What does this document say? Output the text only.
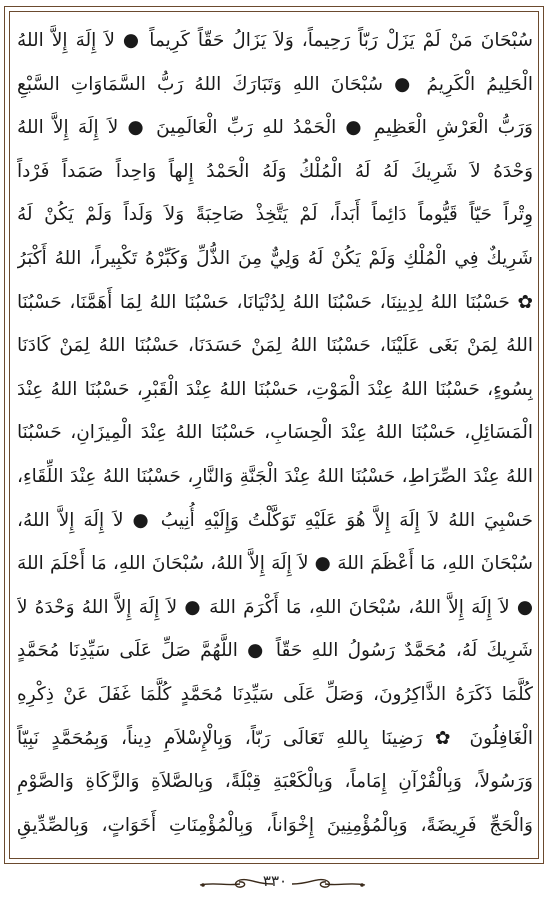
سُبْحَانَ مَنْ لَمْ يَزَلْ رَبّاً رَحِيماً، وَلاَ يَزَالُ حَقّاً كَرِيماً ● لاَ إِلَهَ إِلاَّ اللهُ
الْحَلِيمُ الْكَرِيمُ ● سُبْحَانَ اللهِ وَتَبَارَكَ اللهُ رَبُّ السَّمَاوَاتِ السَّبْعِ
وَرَبُّ الْعَرْشِ الْعَظِيمِ ● الْحَمْدُ للهِ رَبِّ الْعَالَمِينَ ● لاَ إِلَهَ إِلاَّ اللهُ
وَحْدَهُ لاَ شَرِيكَ لَهُ لَهُ الْمُلْكُ وَلَهُ الْحَمْدُ إِلهاً وَاحِداً صَمَداً فَرْداً
وِتْراً حَيّاً قَيُّوماً دَائِماً أَبَداً، لَمْ يَتَّخِذْ صَاحِبَةً وَلاَ وَلَداً وَلَمْ يَكُنْ لَهُ
شَرِيكٌ فِي الْمُلْكِ وَلَمْ يَكُنْ لَهُ وَلِيٌّ مِنَ الذُّلِّ وَكَبِّرْهُ تَكْبِيراً، اللهُ أَكْبَرُ
✿ حَسْبُنَا اللهُ لِدِينِنَا، حَسْبُنَا اللهُ لِدُنْيَانَا، حَسْبُنَا اللهُ لِمَا أَهَمَّنَا، حَسْبُنَا
اللهُ لِمَنْ بَغَى عَلَيْنَا، حَسْبُنَا اللهُ لِمَنْ حَسَدَنَا، حَسْبُنَا اللهُ لِمَنْ كَادَنَا
بِسُوءٍ، حَسْبُنَا اللهُ عِنْدَ الْمَوْتِ، حَسْبُنَا اللهُ عِنْدَ الْقَبْرِ، حَسْبُنَا اللهُ عِنْدَ
الْمَسَائِلِ، حَسْبُنَا اللهُ عِنْدَ الْحِسَابِ، حَسْبُنَا اللهُ عِنْدَ الْمِيزَانِ، حَسْبُنَا
اللهُ عِنْدَ الصِّرَاطِ، حَسْبُنَا اللهُ عِنْدَ الْجَنَّةِ وَالنَّارِ، حَسْبُنَا اللهُ عِنْدَ اللِّقَاءِ،
حَسْبِيَ اللهُ لاَ إِلَهَ إِلاَّ هُوَ عَلَيْهِ تَوَكَّلْتُ وَإِلَيْهِ أُنِيبُ ● لاَ إِلَهَ إِلاَّ اللهُ،
سُبْحَانَ اللهِ، مَا أَعْظَمَ اللهَ ● لاَ إِلَهَ إِلاَّ اللهُ، سُبْحَانَ اللهِ، مَا أَحْلَمَ اللهَ
● لاَ إِلَهَ إِلاَّ اللهُ، سُبْحَانَ اللهِ، مَا أَكْرَمَ اللهَ ● لاَ إِلَهَ إِلاَّ اللهُ وَحْدَهُ لاَ
شَرِيكَ لَهُ، مُحَمَّدٌ رَسُولُ اللهِ حَقّاً ● اللَّهُمَّ صَلِّ عَلَى سَيِّدِنَا مُحَمَّدٍ
كُلَّمَا ذَكَرَهُ الذَّاكِرُونَ، وَصَلِّ عَلَى سَيِّدِنَا مُحَمَّدٍ كُلَّمَا غَفَلَ عَنْ ذِكْرِهِ
الْغَافِلُونَ ✿ رَضِينَا بِاللهِ تَعَالَى رَبّاً، وَبِالْإِسْلاَمِ دِيناً، وَبِمُحَمَّدٍ نَبِيّاً
وَرَسُولاً، وَبِالْقُرْآنِ إِمَاماً، وَبِالْكَعْبَةِ قِبْلَةً، وَبِالصَّلاَةِ وَالزَّكَاةِ وَالصَّوْمِ
وَالْحَجِّ فَرِيضَةً، وَبِالْمُؤْمِنِينَ إِخْوَاناً، وَبِالْمُؤْمِنَاتِ أَخَوَاتٍ، وَبِالصِّدِّيقِ
٣٣٠
